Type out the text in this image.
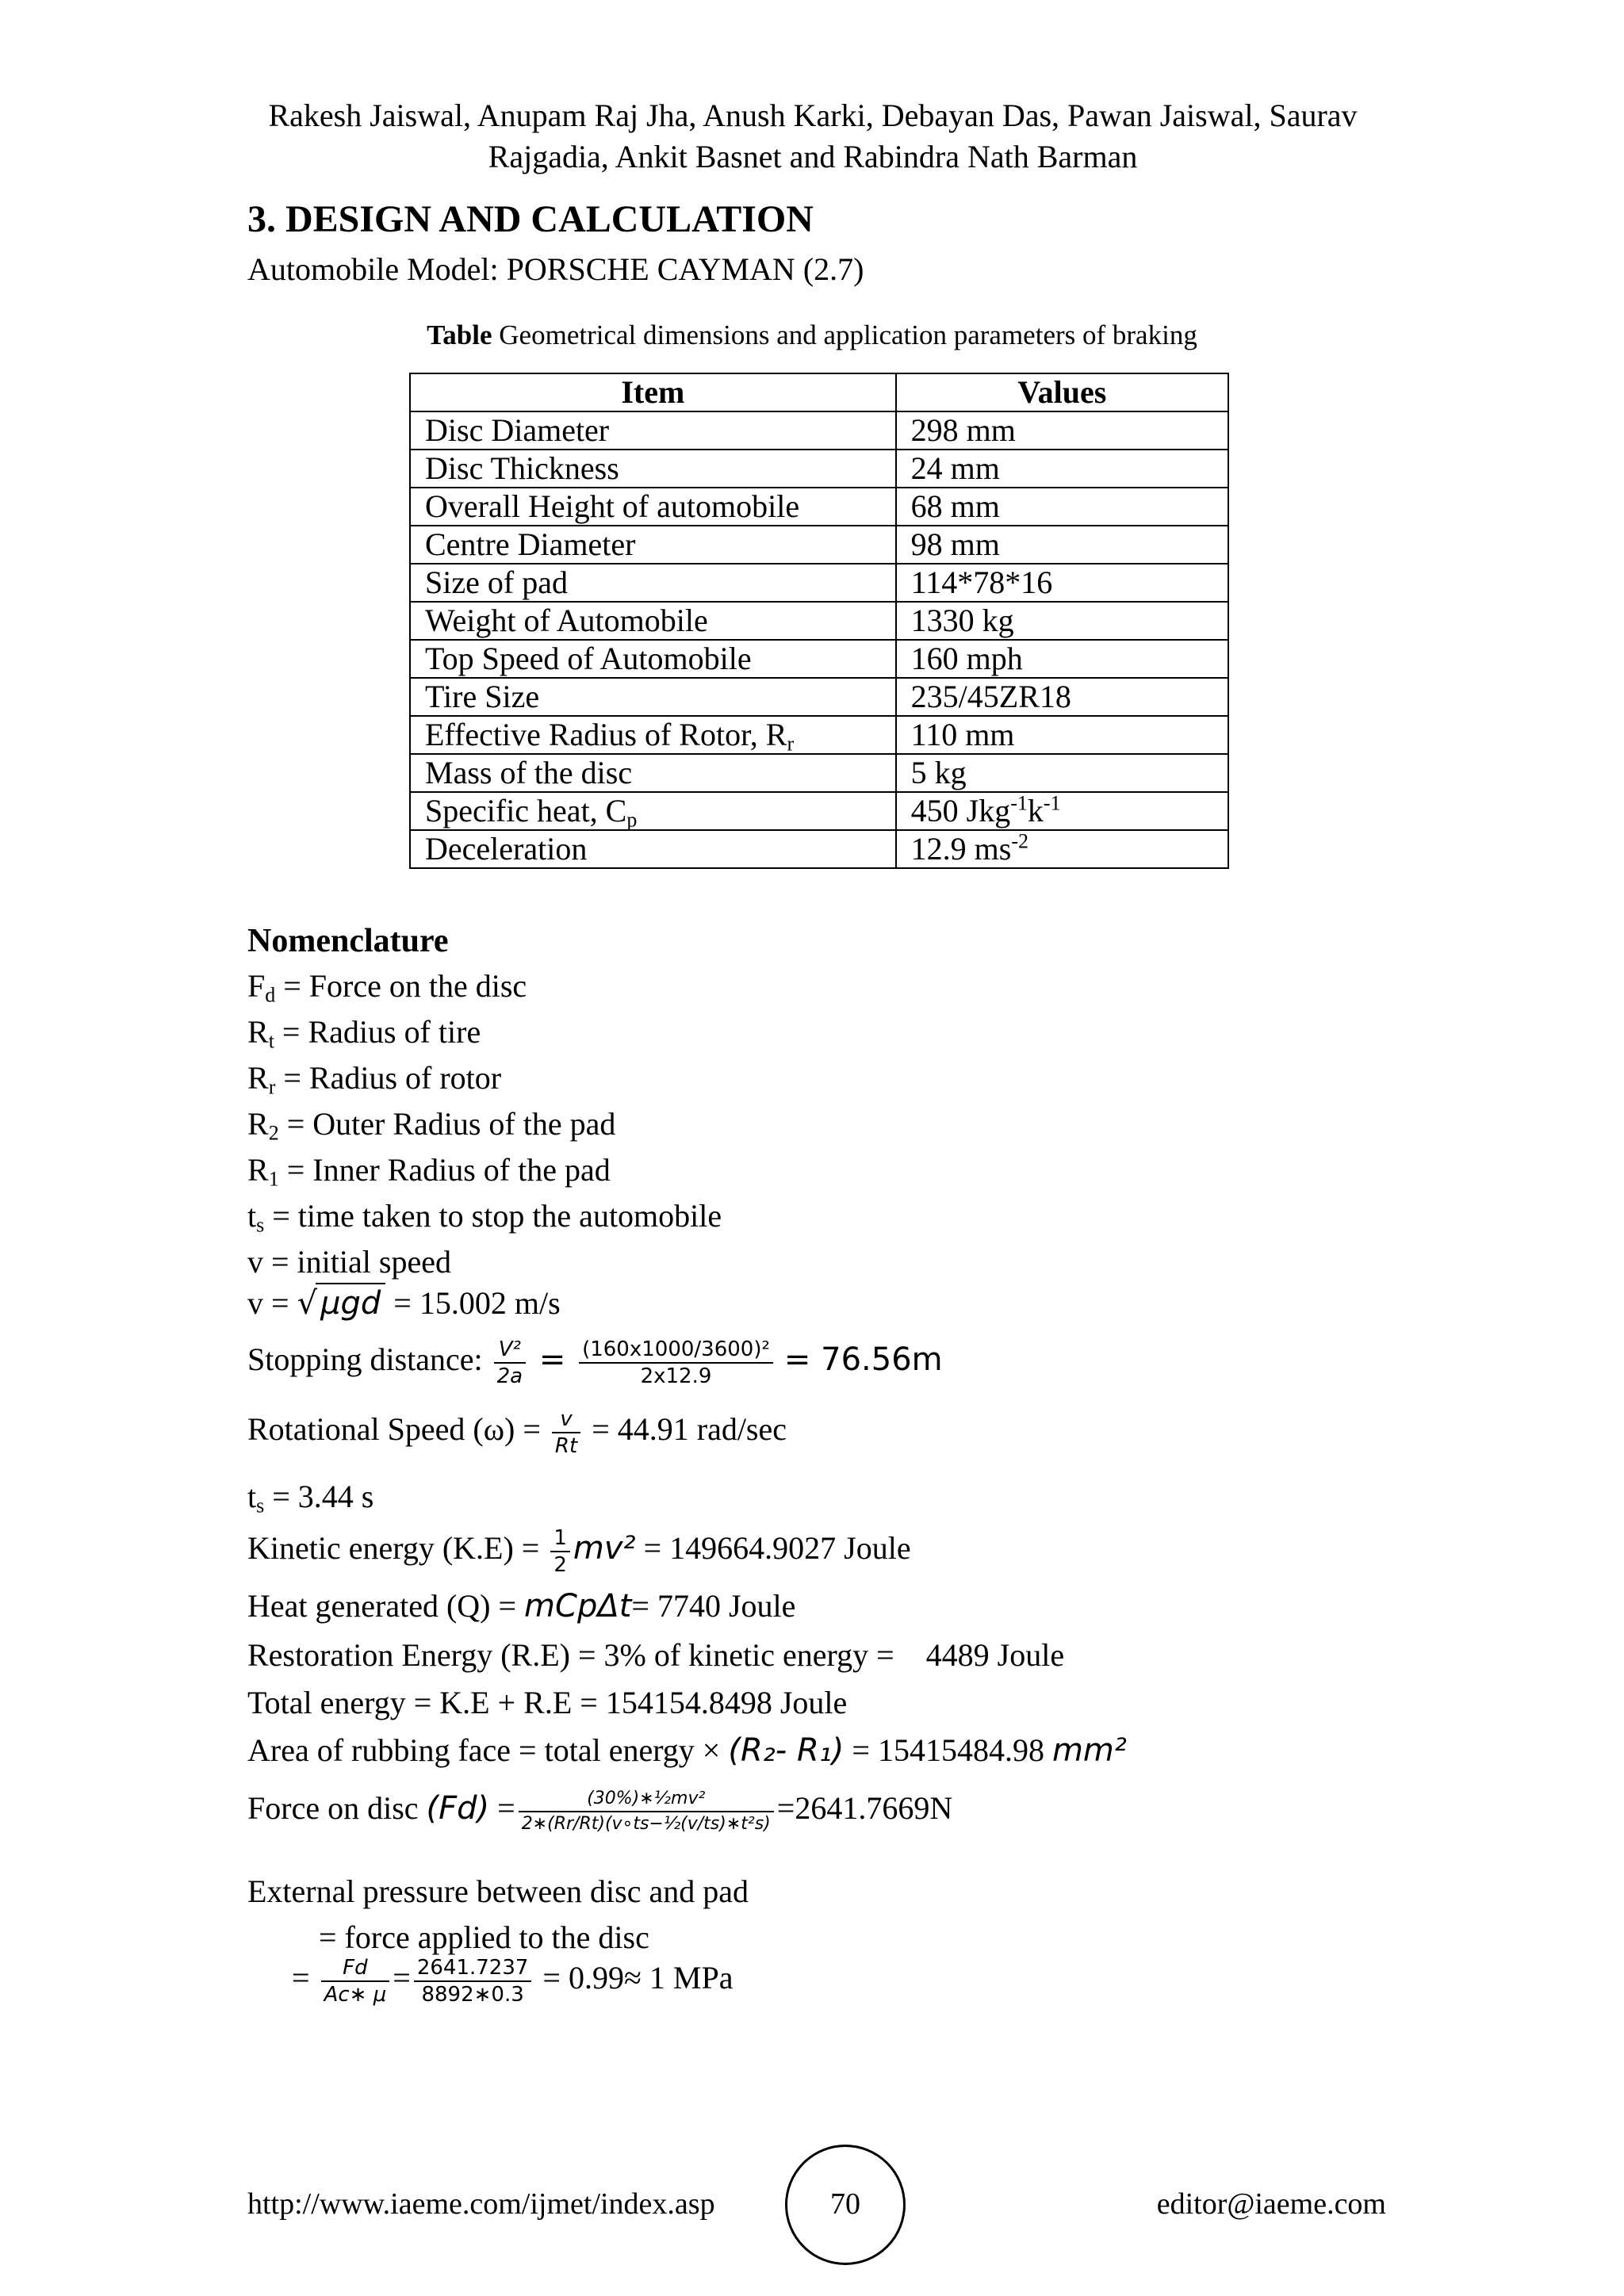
Rakesh Jaiswal, Anupam Raj Jha, Anush Karki, Debayan Das, Pawan Jaiswal, Saurav
Rajgadia, Ankit Basnet and Rabindra Nath Barman
3. DESIGN AND CALCULATION
Automobile Model: PORSCHE CAYMAN (2.7)
Table Geometrical dimensions and application parameters of braking
Item	Values
Disc Diameter	298 mm
Disc Thickness	24 mm
Overall Height of automobile	68 mm
Centre Diameter	98 mm
Size of pad	114*78*16
Weight of Automobile	1330 kg
Top Speed of Automobile	160 mph
Tire Size	235/45ZR18
Effective Radius of Rotor, $R_r$	110 mm
Mass of the disc	5 kg
Specific heat, $C_p$	450 $Jkg^{-1}k^{-1}$
Deceleration	12.9 $ms^{-2}$
Nomenclature
$F_d$ = Force on the disc
$R_t$ = Radius of tire
$R_r$ = Radius of rotor
$R_2$ = Outer Radius of the pad
$R_1$ = Inner Radius of the pad
$t_s$ = time taken to stop the automobile
v = initial speed
v = √ μgd = 15.002 m/s
Stopping distance: $\frac{\text{V²}}{2a} = \frac{\text{(160x1000/3600)²}}{2x12.9} = 76.56m$
Rotational Speed $(\omega) = \frac{v}{Rt} = 44.91$ rad/sec
$t_s = 3.44$ s
Kinetic energy $(K.E) = \frac{1}{2} mv^2 = 149664.9027$ Joule
Heat generated (Q) = mCpΔt= 7740 Joule
Restoration Energy (R.E) = 3% of kinetic energy =    4489 Joule
Total energy = K.E + R.E = 154154.8498 Joule
Area of rubbing face = total energy × (R₂- R₁) = 15415484.98 mm²
Force on disc $(Fd) = \frac{\text{(30\%)∗½mv²}}{\text{2∗(Rr/Rt)(v∘ts−½(v/ts)∗t²s)}} =2641.7669N$
External pressure between disc and pad
= force applied to the disc
= $\frac{Fd}{Ac∗ \mu} = \frac{2641.7237}{8892∗0.3} = 0.99\approx 1$ MPa
http://www.iaeme.com/ijmet/index.asp	70	editor@iaeme.com
